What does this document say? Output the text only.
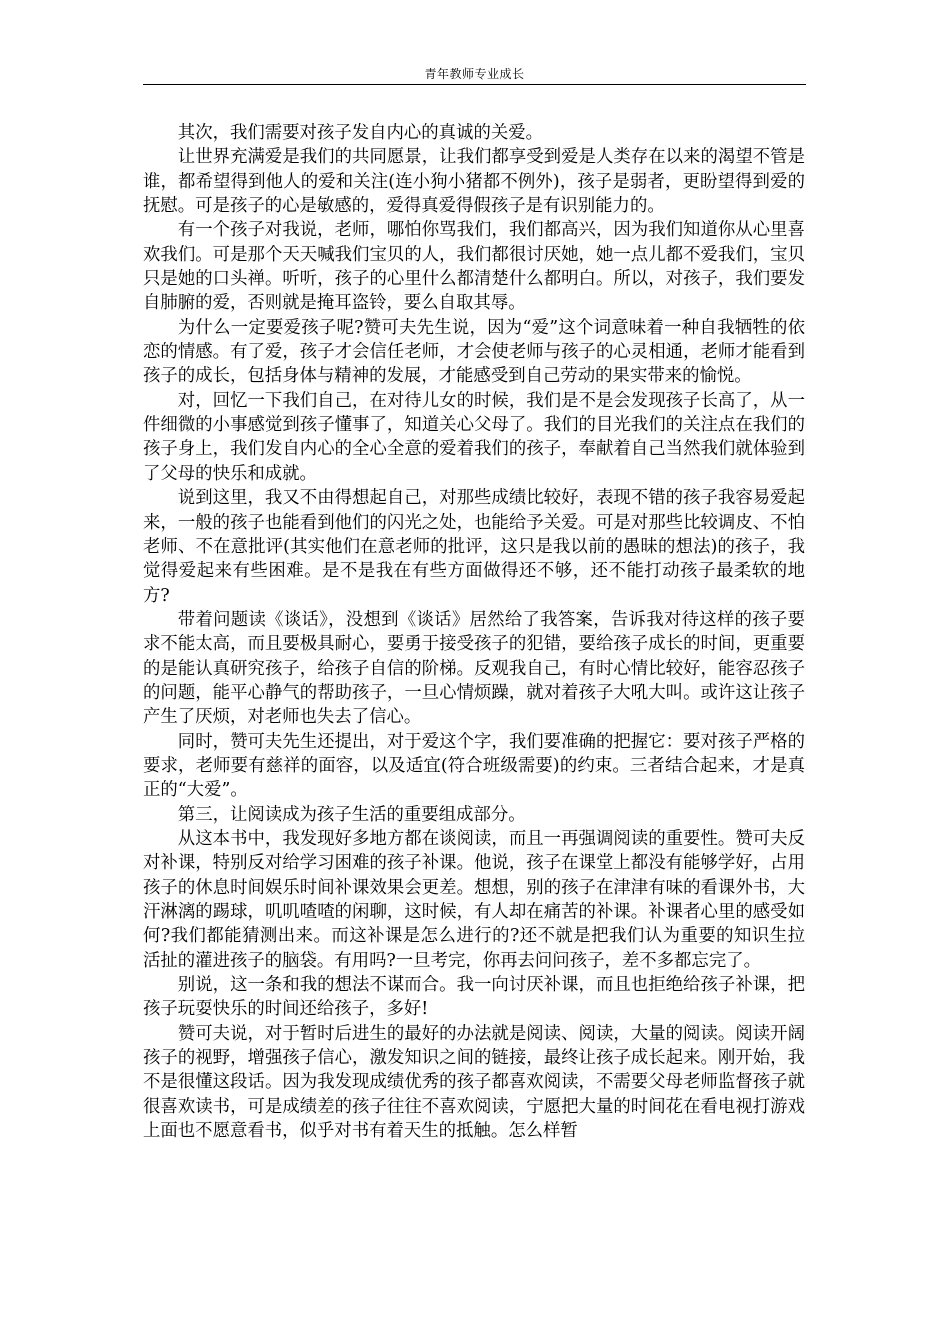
青年教师专业成长

其次，我们需要对孩子发自内心的真诚的关爱。

让世界充满爱是我们的共同愿景，让我们都享受到爱是人类存在以来的渴望不管是谁，都希望得到他人的爱和关注(连小狗小猪都不例外)，孩子是弱者，更盼望得到爱的抚慰。可是孩子的心是敏感的，爱得真爱得假孩子是有识别能力的。

有一个孩子对我说，老师，哪怕你骂我们，我们都高兴，因为我们知道你从心里喜欢我们。可是那个天天喊我们宝贝的人，我们都很讨厌她，她一点儿都不爱我们，宝贝只是她的口头禅。听听，孩子的心里什么都清楚什么都明白。所以，对孩子，我们要发自肺腑的爱，否则就是掩耳盗铃，要么自取其辱。

为什么一定要爱孩子呢?赞可夫先生说，因为“爱”这个词意味着一种自我牺牲的依恋的情感。有了爱，孩子才会信任老师，才会使老师与孩子的心灵相通，老师才能看到孩子的成长，包括身体与精神的发展，才能感受到自己劳动的果实带来的愉悦。

对，回忆一下我们自己，在对待儿女的时候，我们是不是会发现孩子长高了，从一件细微的小事感觉到孩子懂事了，知道关心父母了。我们的目光我们的关注点在我们的孩子身上，我们发自内心的全心全意的爱着我们的孩子，奉献着自己当然我们就体验到了父母的快乐和成就。

说到这里，我又不由得想起自己，对那些成绩比较好，表现不错的孩子我容易爱起来，一般的孩子也能看到他们的闪光之处，也能给予关爱。可是对那些比较调皮、不怕老师、不在意批评(其实他们在意老师的批评，这只是我以前的愚昧的想法)的孩子，我觉得爱起来有些困难。是不是我在有些方面做得还不够，还不能打动孩子最柔软的地方?

带着问题读《谈话》，没想到《谈话》居然给了我答案，告诉我对待这样的孩子要求不能太高，而且要极具耐心，要勇于接受孩子的犯错，要给孩子成长的时间，更重要的是能认真研究孩子，给孩子自信的阶梯。反观我自己，有时心情比较好，能容忍孩子的问题，能平心静气的帮助孩子，一旦心情烦躁，就对着孩子大吼大叫。或许这让孩子产生了厌烦，对老师也失去了信心。

同时，赞可夫先生还提出，对于爱这个字，我们要准确的把握它：要对孩子严格的要求，老师要有慈祥的面容，以及适宜(符合班级需要)的约束。三者结合起来，才是真正的“大爱”。

第三，让阅读成为孩子生活的重要组成部分。

从这本书中，我发现好多地方都在谈阅读，而且一再强调阅读的重要性。赞可夫反对补课，特别反对给学习困难的孩子补课。他说，孩子在课堂上都没有能够学好，占用孩子的休息时间娱乐时间补课效果会更差。想想，别的孩子在津津有味的看课外书，大汗淋漓的踢球，叽叽喳喳的闲聊，这时候，有人却在痛苦的补课。补课者心里的感受如何?我们都能猜测出来。而这补课是怎么进行的?还不就是把我们认为重要的知识生拉活扯的灌进孩子的脑袋。有用吗?一旦考完，你再去问问孩子，差不多都忘完了。

别说，这一条和我的想法不谋而合。我一向讨厌补课，而且也拒绝给孩子补课，把孩子玩耍快乐的时间还给孩子，多好!

赞可夫说，对于暂时后进生的最好的办法就是阅读、阅读，大量的阅读。阅读开阔孩子的视野，增强孩子信心，激发知识之间的链接，最终让孩子成长起来。刚开始，我不是很懂这段话。因为我发现成绩优秀的孩子都喜欢阅读，不需要父母老师监督孩子就很喜欢读书，可是成绩差的孩子往往不喜欢阅读，宁愿把大量的时间花在看电视打游戏上面也不愿意看书，似乎对书有着天生的抵触。怎么样暂
